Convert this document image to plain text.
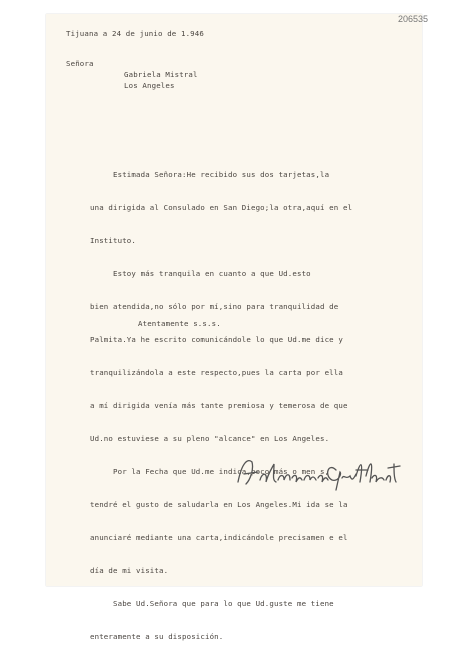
206535
Tijuana a 24 de junio de 1.946
Señora
Gabriela Mistral
Los Angeles

Estimada Señora:He recibido sus dos tarjetas,la

una dirigida al Consulado en San Diego;la otra,aquí en el

Instituto.

Estoy más tranquila en cuanto a que Ud.esto

bien atendida,no sólo por mí,sino para tranquilidad de

Palmita.Ya he escrito comunicándole lo que Ud.me dice y

tranquilizándola a este respecto,pues la carta por ella

a mí dirigida venía más tante premiosa y temerosa de que

Ud.no estuviese a su pleno "alcance" en Los Angeles.

Por la Fecha que Ud.me indica,poco más o men s,

tendré el gusto de saludarla en Los Angeles.Mi ida se la

anunciaré mediante una carta,indicándole precisamen e el

día de mi visita.

Sabe Ud.Señora que para lo que Ud.guste me tiene

enteramente a su disposición.

Atentamente s.s.s.
